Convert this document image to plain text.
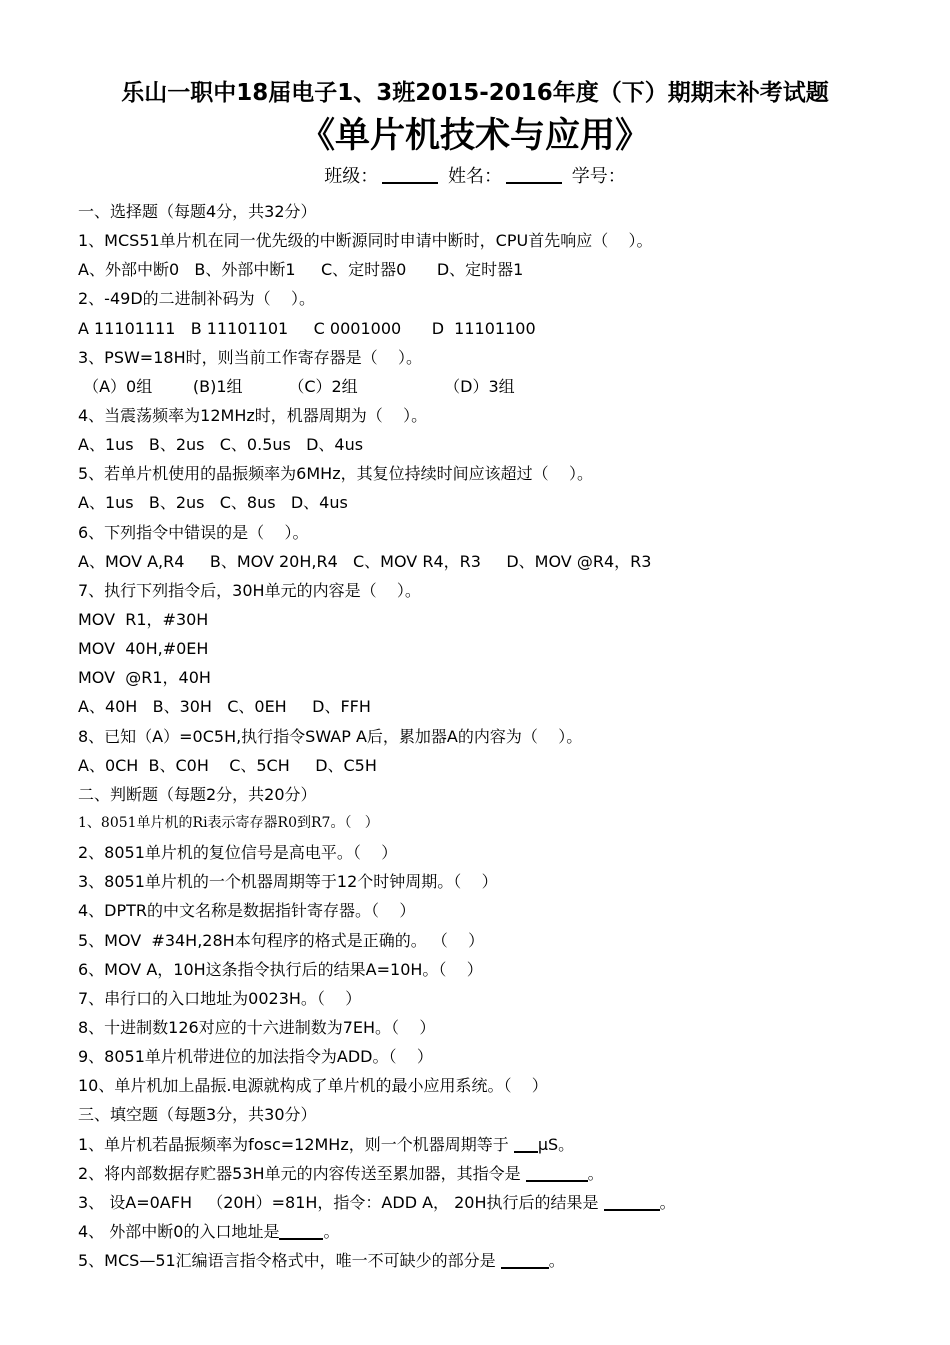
乐山一职中18届电子1、3班2015-2016年度（下）期期末补考试题
《单片机技术与应用》
班级：	姓名：	学号：
一、选择题（每题4分，共32分）
1、MCS51单片机在同一优先级的中断源同时申请中断时，CPU首先响应（    ）。
A、外部中断0   B、外部中断1     C、定时器0      D、定时器1
2、-49D的二进制补码为（    ）。
A 11101111   B 11101101     C 0001000      D  11101100
3、PSW=18H时，则当前工作寄存器是（    ）。
（A）0组        (B)1组         （C）2组                 （D）3组
4、当震荡频率为12MHz时，机器周期为（    ）。
A、1us   B、2us   C、0.5us   D、4us
5、若单片机使用的晶振频率为6MHz，其复位持续时间应该超过（    ）。
A、1us   B、2us   C、8us   D、4us
6、下列指令中错误的是（    ）。
A、MOV A,R4     B、MOV 20H,R4   C、MOV R4，R3     D、MOV @R4，R3
7、执行下列指令后，30H单元的内容是（    ）。
MOV  R1，#30H
MOV  40H,#0EH
MOV  @R1，40H
A、40H   B、30H   C、0EH     D、FFH
8、已知（A）=0C5H,执行指令SWAP A后，累加器A的内容为（    ）。
A、0CH  B、C0H    C、5CH     D、C5H
二、判断题（每题2分，共20分）
1、8051单片机的Ri表示寄存器R0到R7。（   ）
2、8051单片机的复位信号是高电平。（    ）
3、8051单片机的一个机器周期等于12个时钟周期。（    ）
4、DPTR的中文名称是数据指针寄存器。（    ）
5、MOV  #34H,28H本句程序的格式是正确的。 （    ）
6、MOV A，10H这条指令执行后的结果A=10H。（    ）
7、串行口的入口地址为0023H。（    ）
8、十进制数126对应的十六进制数为7EH。（    ）
9、8051单片机带进位的加法指令为ADD。（    ）
10、单片机加上晶振.电源就构成了单片机的最小应用系统。（    ）
三、填空题（每题3分，共30分）
1、单片机若晶振频率为fosc=12MHz，则一个机器周期等于 μS。
2、将内部数据存贮器53H单元的内容传送至累加器，其指令是	。
3、 设A=0AFH   （20H）=81H，指令：ADD A， 20H执行后的结果是	。
4、 外部中断0的入口地址是	。
5、MCS—51汇编语言指令格式中，唯一不可缺少的部分是	。
